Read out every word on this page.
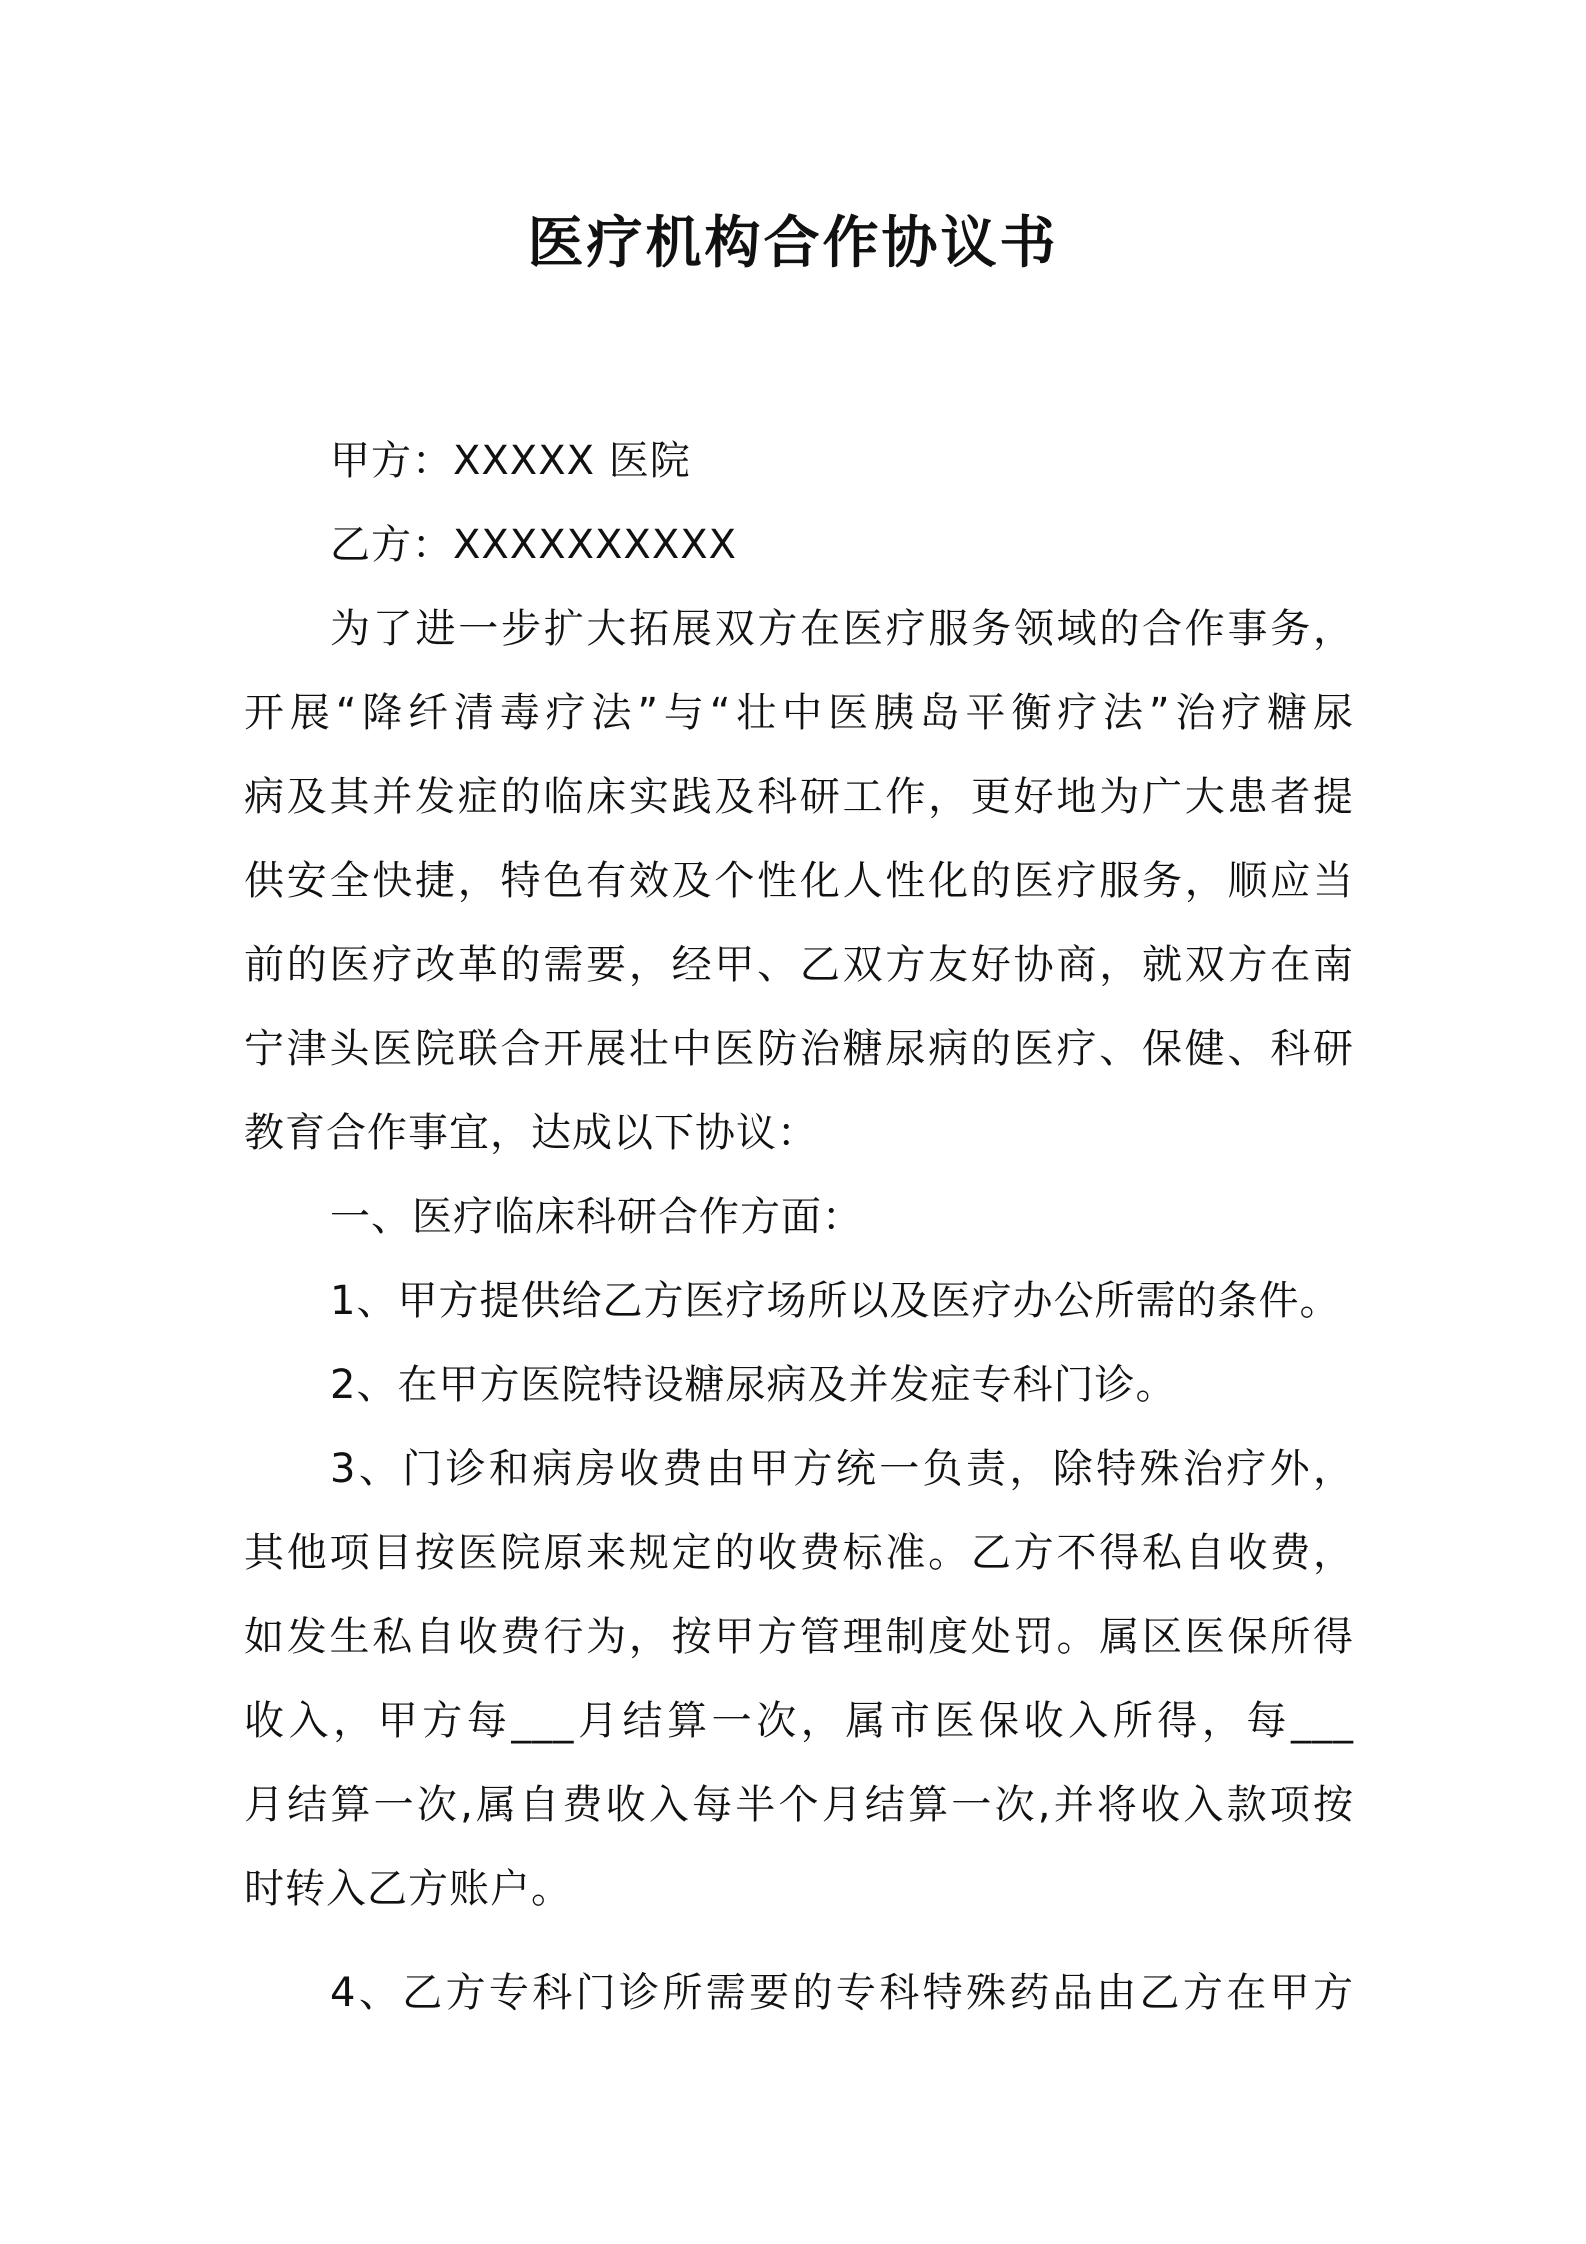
医疗机构合作协议书

甲方：XXXXX 医院

乙方：XXXXXXXXXX

为了进一步扩大拓展双方在医疗服务领域的合作事务，

开展“降纤清毒疗法”与“壮中医胰岛平衡疗法”治疗糖尿

病及其并发症的临床实践及科研工作，更好地为广大患者提

供安全快捷，特色有效及个性化人性化的医疗服务，顺应当

前的医疗改革的需要，经甲、乙双方友好协商，就双方在南

宁津头医院联合开展壮中医防治糖尿病的医疗、保健、科研

教育合作事宜，达成以下协议：

一、医疗临床科研合作方面：

1、甲方提供给乙方医疗场所以及医疗办公所需的条件。

2、在甲方医院特设糖尿病及并发症专科门诊。

3、门诊和病房收费由甲方统一负责，除特殊治疗外，

其他项目按医院原来规定的收费标准。乙方不得私自收费，

如发生私自收费行为，按甲方管理制度处罚。属区医保所得

收入，甲方每___月结算一次，属市医保收入所得，每___

月结算一次,属自费收入每半个月结算一次,并将收入款项按

时转入乙方账户。

4、乙方专科门诊所需要的专科特殊药品由乙方在甲方
